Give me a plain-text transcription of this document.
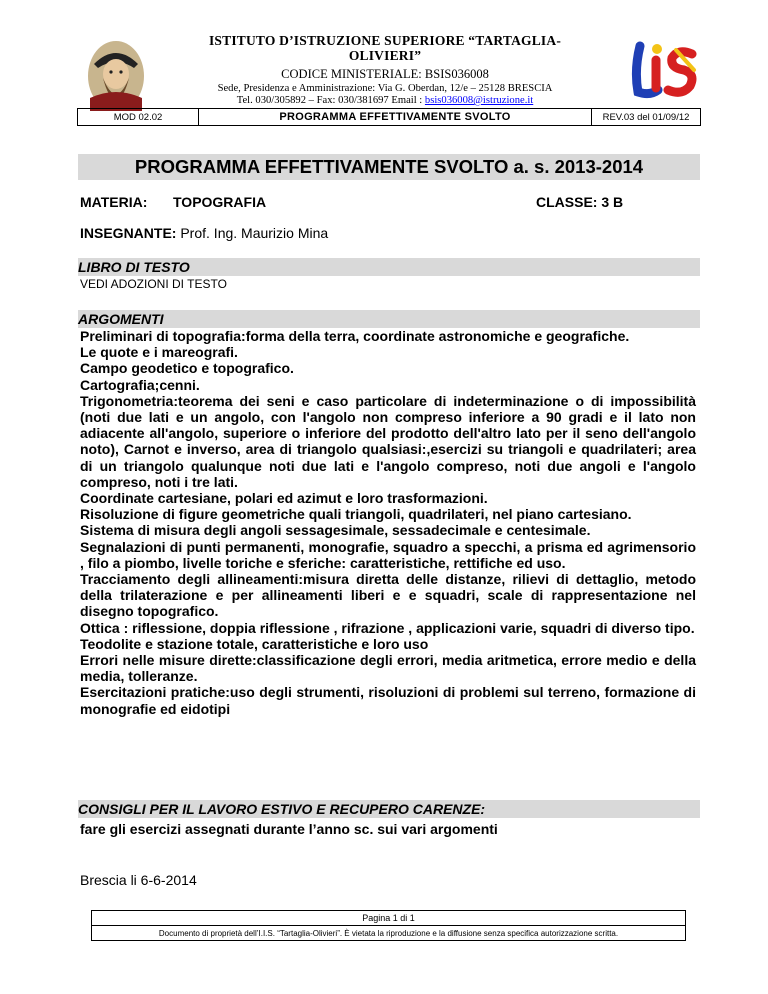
ISTITUTO D’ISTRUZIONE SUPERIORE “TARTAGLIA-
OLIVIERI”
CODICE MINISTERIALE: BSIS036008
Sede, Presidenza e Amministrazione: Via G. Oberdan, 12/e – 25128 BRESCIA
Tel. 030/305892 – Fax: 030/381697 Email : bsis036008@istruzione.it
MOD 02.02	PROGRAMMA EFFETTIVAMENTE SVOLTO	REV.03 del 01/09/12
PROGRAMMA EFFETTIVAMENTE SVOLTO a. s. 2013-2014
MATERIA: TOPOGRAFIA	CLASSE: 3 B
INSEGNANTE: Prof. Ing. Maurizio Mina
LIBRO DI TESTO
VEDI ADOZIONI DI TESTO
ARGOMENTI

Preliminari di topografia:forma della terra, coordinate astronomiche e geografiche.

Le quote e i mareografi.

Campo geodetico e topografico.

Cartografia;cenni.

Trigonometria:teorema dei seni e caso particolare di indeterminazione o di impossibilità (noti due lati e un angolo, con l'angolo non compreso inferiore a 90 gradi e il lato non adiacente all'angolo, superiore o inferiore del prodotto dell'altro lato per il seno dell'angolo noto), Carnot e inverso, area di triangolo qualsiasi:,esercizi su triangoli e quadrilateri; area di un triangolo qualunque noti due lati e l'angolo compreso, noti due angoli e l'angolo compreso, noti i tre lati.

Coordinate cartesiane, polari ed azimut e loro trasformazioni.

Risoluzione di figure geometriche quali triangoli, quadrilateri, nel piano cartesiano.

Sistema di misura degli angoli sessagesimale, sessadecimale e centesimale.

Segnalazioni di punti permanenti, monografie, squadro a specchi, a prisma ed agrimensorio , filo a piombo, livelle toriche e sferiche: caratteristiche, rettifiche ed uso.

Tracciamento degli allineamenti:misura diretta delle distanze, rilievi di dettaglio, metodo della trilaterazione e per allineamenti liberi e e squadri, scale di rappresentazione nel disegno topografico.

Ottica : riflessione, doppia riflessione , rifrazione , applicazioni varie, squadri di diverso tipo.

Teodolite e stazione totale, caratteristiche e loro uso

Errori nelle misure dirette:classificazione degli errori, media aritmetica, errore medio e della media, tolleranze.

Esercitazioni pratiche:uso degli strumenti, risoluzioni di problemi sul terreno, formazione di monografie ed eidotipi

CONSIGLI PER IL LAVORO ESTIVO E RECUPERO CARENZE:
fare gli esercizi assegnati durante l’anno sc. sui vari argomenti
Brescia li 6-6-2014
Pagina 1 di 1
Documento di proprietà dell’I.I.S. “Tartaglia-Olivieri”. È vietata la riproduzione e la diffusione senza specifica autorizzazione scritta.
